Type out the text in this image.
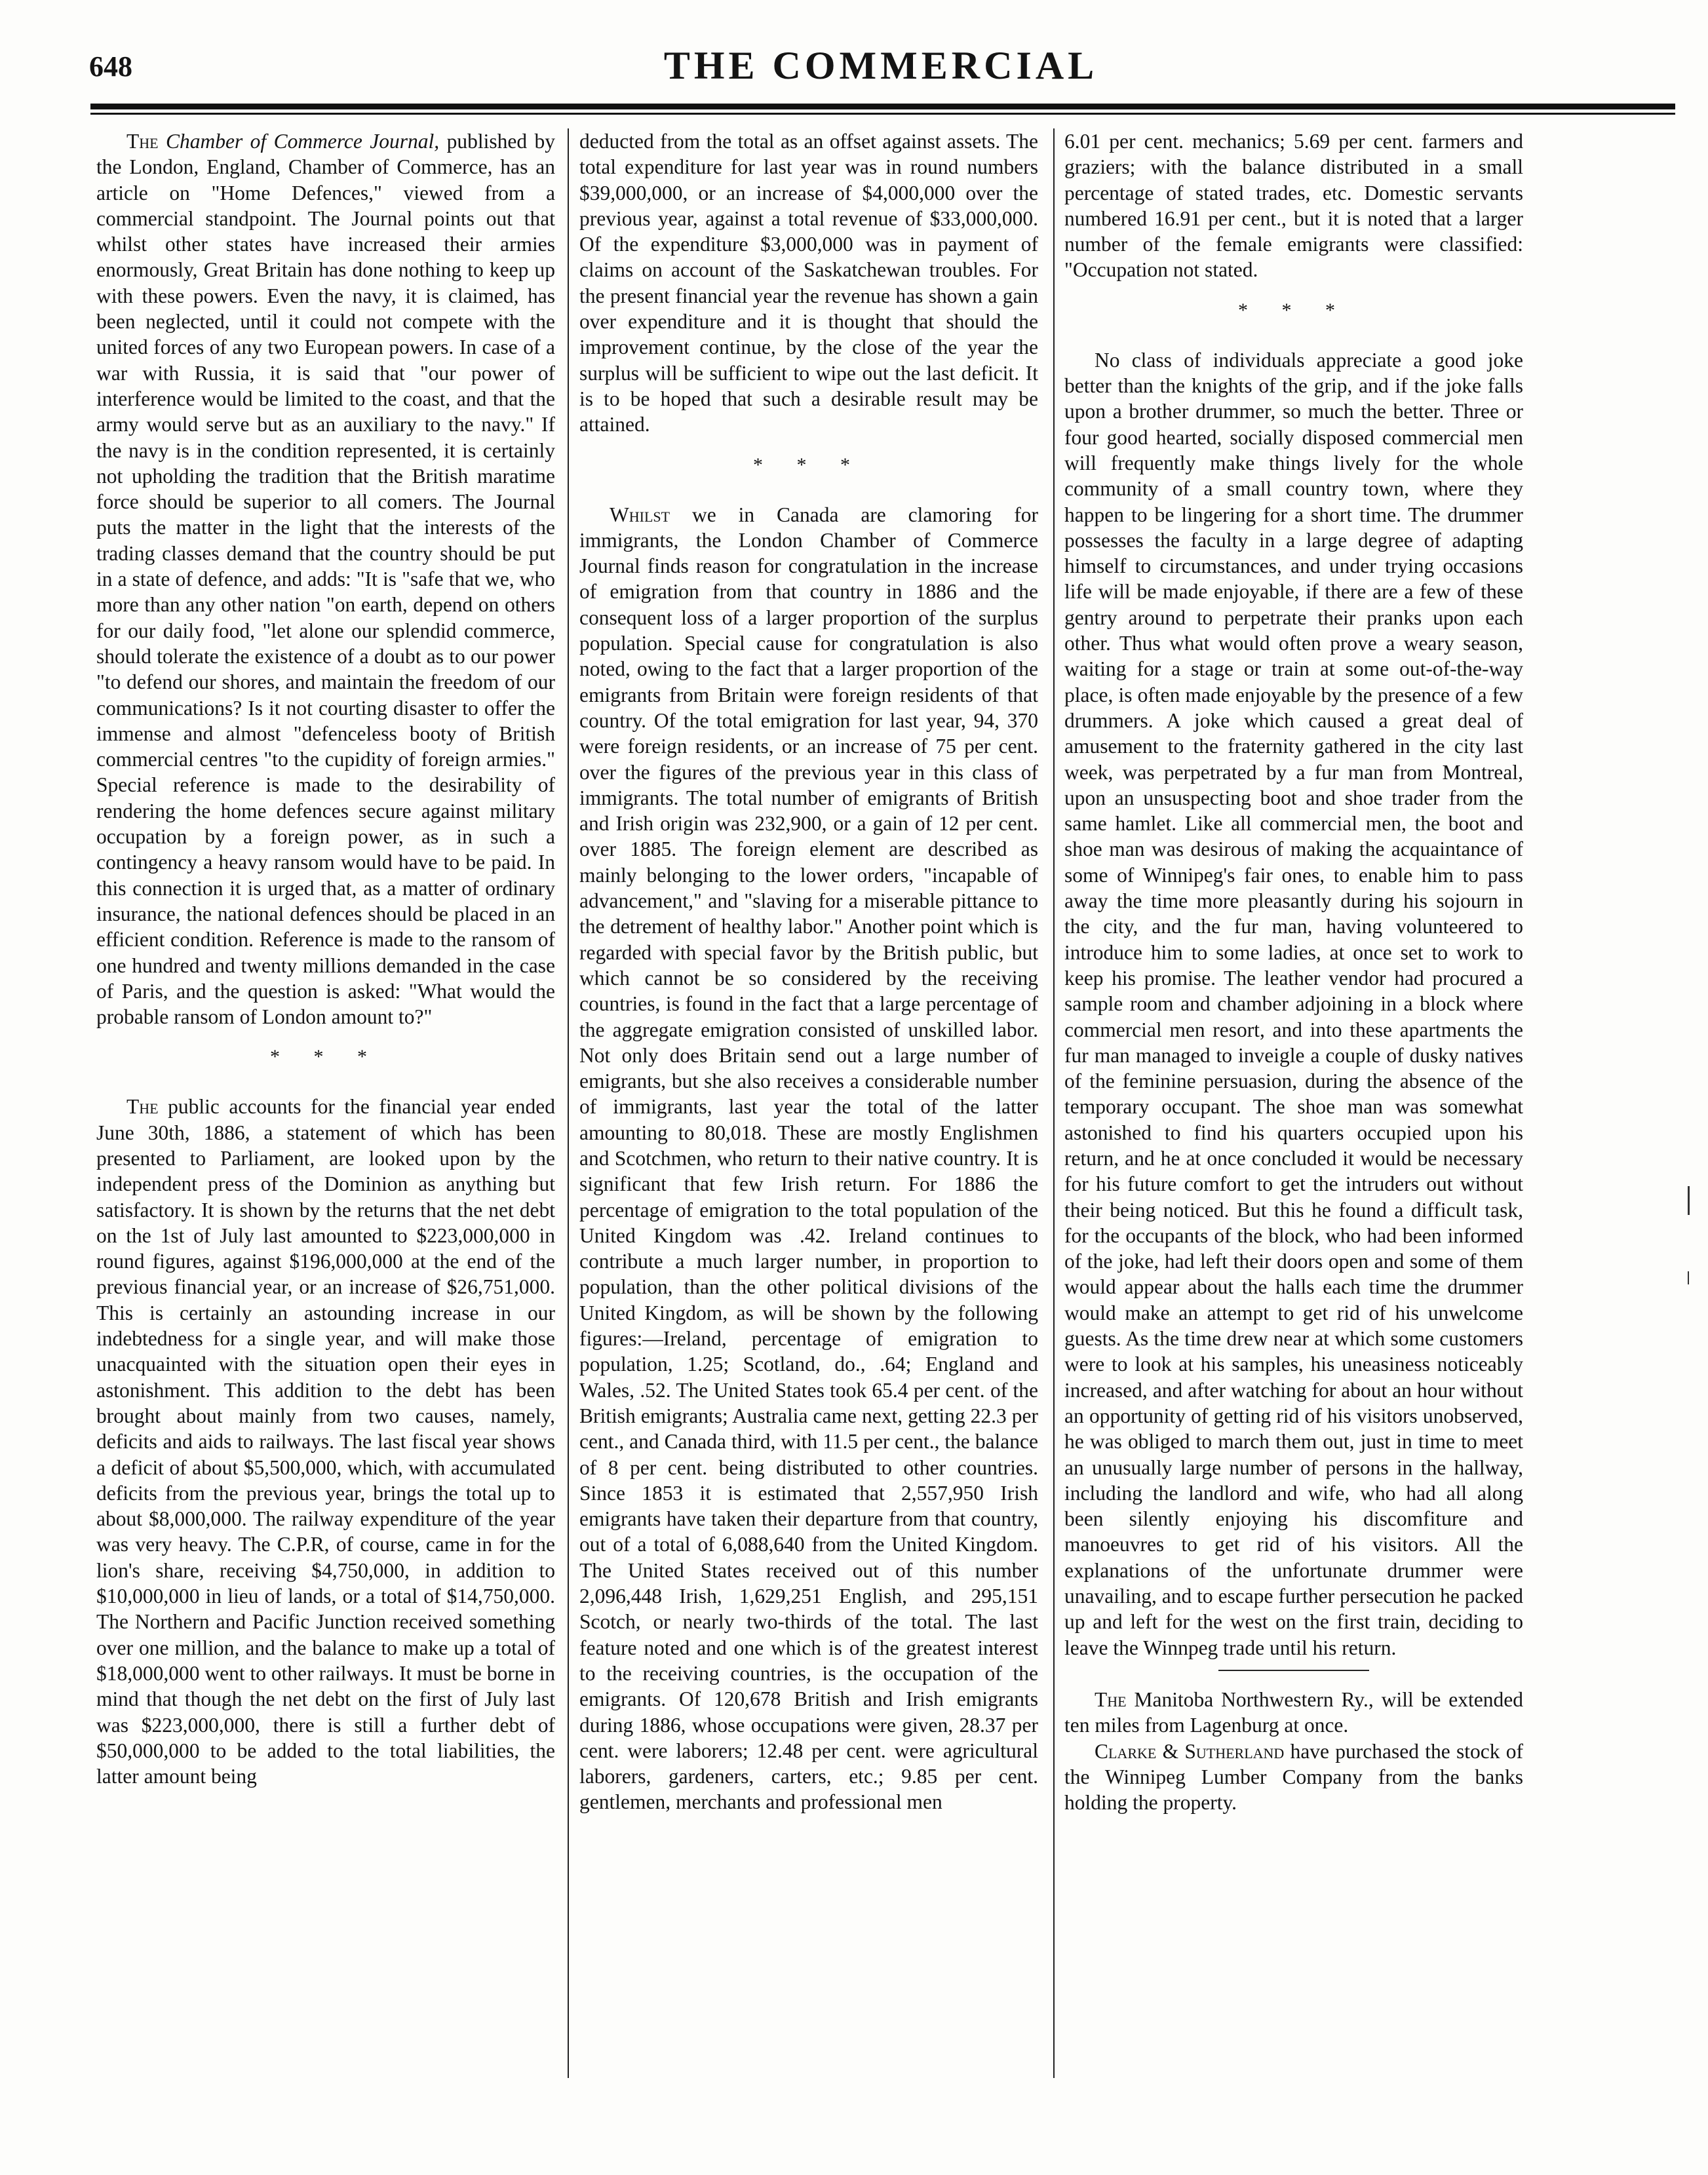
648	THE COMMERCIAL

The Chamber of Commerce Journal, published by the London, England, Chamber of Commerce, has an article on "Home Defences," viewed from a commercial standpoint. The Journal points out that whilst other states have increased their armies enormously, Great Britain has done nothing to keep up with these powers. Even the navy, it is claimed, has been neglected, until it could not compete with the united forces of any two European powers. In case of a war with Russia, it is said that "our power of interference would be limited to the coast, and that the army would serve but as an auxiliary to the navy." If the navy is in the condition represented, it is certainly not upholding the tradition that the British maratime force should be superior to all comers. The Journal puts the matter in the light that the interests of the trading classes demand that the country should be put in a state of defence, and adds: "It is "safe that we, who more than any other nation "on earth, depend on others for our daily food, "let alone our splendid commerce, should tolerate the existence of a doubt as to our power "to defend our shores, and maintain the freedom of our communications? Is it not courting disaster to offer the immense and almost "defenceless booty of British commercial centres "to the cupidity of foreign armies." Special reference is made to the desirability of rendering the home defences secure against military occupation by a foreign power, as in such a contingency a heavy ransom would have to be paid. In this connection it is urged that, as a matter of ordinary insurance, the national defences should be placed in an efficient condition. Reference is made to the ransom of one hundred and twenty millions demanded in the case of Paris, and the question is asked: "What would the probable ransom of London amount to?"

* * *

The public accounts for the financial year ended June 30th, 1886, a statement of which has been presented to Parliament, are looked upon by the independent press of the Dominion as anything but satisfactory. It is shown by the returns that the net debt on the 1st of July last amounted to $223,000,000 in round figures, against $196,000,000 at the end of the previous financial year, or an increase of $26,751,000. This is certainly an astounding increase in our indebtedness for a single year, and will make those unacquainted with the situation open their eyes in astonishment. This addition to the debt has been brought about mainly from two causes, namely, deficits and aids to railways. The last fiscal year shows a deficit of about $5,500,000, which, with accumulated deficits from the previous year, brings the total up to about $8,000,000. The railway expenditure of the year was very heavy. The C.P.R, of course, came in for the lion's share, receiving $4,750,000, in addition to $10,000,000 in lieu of lands, or a total of $14,750,000. The Northern and Pacific Junction received something over one million, and the balance to make up a total of $18,000,000 went to other railways. It must be borne in mind that though the net debt on the first of July last was $223,000,000, there is still a further debt of $50,000,000 to be added to the total liabilities, the latter amount being

deducted from the total as an offset against assets. The total expenditure for last year was in round numbers $39,000,000, or an increase of $4,000,000 over the previous year, against a total revenue of $33,000,000. Of the expenditure $3,000,000 was in payment of claims on account of the Saskatchewan troubles. For the present financial year the revenue has shown a gain over expenditure and it is thought that should the improvement continue, by the close of the year the surplus will be sufficient to wipe out the last deficit. It is to be hoped that such a desirable result may be attained.

* * *

Whilst we in Canada are clamoring for immigrants, the London Chamber of Commerce Journal finds reason for congratulation in the increase of emigration from that country in 1886 and the consequent loss of a larger proportion of the surplus population. Special cause for congratulation is also noted, owing to the fact that a larger proportion of the emigrants from Britain were foreign residents of that country. Of the total emigration for last year, 94, 370 were foreign residents, or an increase of 75 per cent. over the figures of the previous year in this class of immigrants. The total number of emigrants of British and Irish origin was 232,900, or a gain of 12 per cent. over 1885. The foreign element are described as mainly belonging to the lower orders, "incapable of advancement," and "slaving for a miserable pittance to the detrement of healthy labor." Another point which is regarded with special favor by the British public, but which cannot be so considered by the receiving countries, is found in the fact that a large percentage of the aggregate emigration consisted of unskilled labor. Not only does Britain send out a large number of emigrants, but she also receives a considerable number of immigrants, last year the total of the latter amounting to 80,018. These are mostly Englishmen and Scotchmen, who return to their native country. It is significant that few Irish return. For 1886 the percentage of emigration to the total population of the United Kingdom was .42. Ireland continues to contribute a much larger number, in proportion to population, than the other political divisions of the United Kingdom, as will be shown by the following figures:—Ireland, percentage of emigration to population, 1.25; Scotland, do., .64; England and Wales, .52. The United States took 65.4 per cent. of the British emigrants; Australia came next, getting 22.3 per cent., and Canada third, with 11.5 per cent., the balance of 8 per cent. being distributed to other countries. Since 1853 it is estimated that 2,557,950 Irish emigrants have taken their departure from that country, out of a total of 6,088,640 from the United Kingdom. The United States received out of this number 2,096,448 Irish, 1,629,251 English, and 295,151 Scotch, or nearly two-thirds of the total. The last feature noted and one which is of the greatest interest to the receiving countries, is the occupation of the emigrants. Of 120,678 British and Irish emigrants during 1886, whose occupations were given, 28.37 per cent. were laborers; 12.48 per cent. were agricultural laborers, gardeners, carters, etc.; 9.85 per cent. gentlemen, merchants and professional men

6.01 per cent. mechanics; 5.69 per cent. farmers and graziers; with the balance distributed in a small percentage of stated trades, etc. Domestic servants numbered 16.91 per cent., but it is noted that a larger number of the female emigrants were classified: "Occupation not stated.

* * *

No class of individuals appreciate a good joke better than the knights of the grip, and if the joke falls upon a brother drummer, so much the better. Three or four good hearted, socially disposed commercial men will frequently make things lively for the whole community of a small country town, where they happen to be lingering for a short time. The drummer possesses the faculty in a large degree of adapting himself to circumstances, and under trying occasions life will be made enjoyable, if there are a few of these gentry around to perpetrate their pranks upon each other. Thus what would often prove a weary season, waiting for a stage or train at some out-of-the-way place, is often made enjoyable by the presence of a few drummers. A joke which caused a great deal of amusement to the fraternity gathered in the city last week, was perpetrated by a fur man from Montreal, upon an unsuspecting boot and shoe trader from the same hamlet. Like all commercial men, the boot and shoe man was desirous of making the acquaintance of some of Winnipeg's fair ones, to enable him to pass away the time more pleasantly during his sojourn in the city, and the fur man, having volunteered to introduce him to some ladies, at once set to work to keep his promise. The leather vendor had procured a sample room and chamber adjoining in a block where commercial men resort, and into these apartments the fur man managed to inveigle a couple of dusky natives of the feminine persuasion, during the absence of the temporary occupant. The shoe man was somewhat astonished to find his quarters occupied upon his return, and he at once concluded it would be necessary for his future comfort to get the intruders out without their being noticed. But this he found a difficult task, for the occupants of the block, who had been informed of the joke, had left their doors open and some of them would appear about the halls each time the drummer would make an attempt to get rid of his unwelcome guests. As the time drew near at which some customers were to look at his samples, his uneasiness noticeably increased, and after watching for about an hour without an opportunity of getting rid of his visitors unobserved, he was obliged to march them out, just in time to meet an unusually large number of persons in the hallway, including the landlord and wife, who had all along been silently enjoying his discomfiture and manoeuvres to get rid of his visitors. All the explanations of the unfortunate drummer were unavailing, and to escape further persecution he packed up and left for the west on the first train, deciding to leave the Winnpeg trade until his return.

The Manitoba Northwestern Ry., will be extended ten miles from Lagenburg at once.

Clarke & Sutherland have purchased the stock of the Winnipeg Lumber Company from the banks holding the property.
